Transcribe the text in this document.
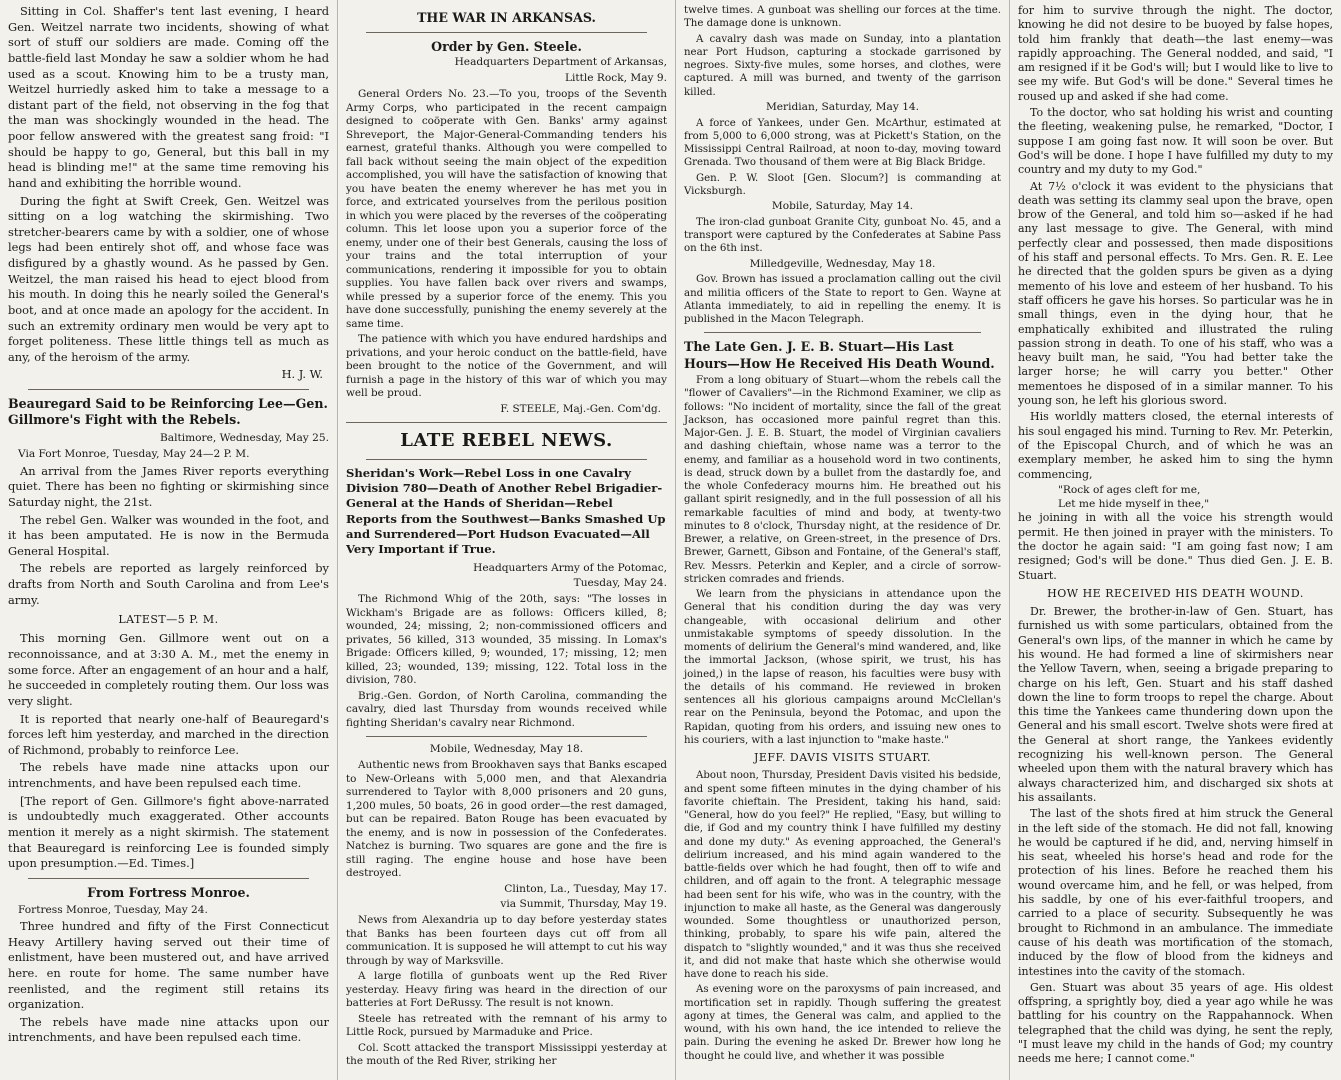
Sitting in Col. Shaffer's tent last evening, I heard Gen. Weitzel narrate two incidents, showing of what sort of stuff our soldiers are made. Coming off the battle-field last Monday he saw a soldier whom he had used as a scout. Knowing him to be a trusty man, Weitzel hurriedly asked him to take a message to a distant part of the field, not observing in the fog that the man was shockingly wounded in the head. The poor fellow answered with the greatest sang froid: "I should be happy to go, General, but this ball in my head is blinding me!" at the same time removing his hand and exhibiting the horrible wound.

During the fight at Swift Creek, Gen. Weitzel was sitting on a log watching the skirmishing. Two stretcher-bearers came by with a soldier, one of whose legs had been entirely shot off, and whose face was disfigured by a ghastly wound. As he passed by Gen. Weitzel, the man raised his head to eject blood from his mouth. In doing this he nearly soiled the General's boot, and at once made an apology for the accident. In such an extremity ordinary men would be very apt to forget politeness. These little things tell as much as any, of the heroism of the army.

H. J. W.

Beauregard Said to be Reinforcing Lee—Gen. Gillmore's Fight with the Rebels.

Baltimore, Wednesday, May 25.

Via Fort Monroe, Tuesday, May 24—2 P. M.

An arrival from the James River reports everything quiet. There has been no fighting or skirmishing since Saturday night, the 21st.

The rebel Gen. Walker was wounded in the foot, and it has been amputated. He is now in the Bermuda General Hospital.

The rebels are reported as largely reinforced by drafts from North and South Carolina and from Lee's army.

LATEST—5 P. M.

This morning Gen. Gillmore went out on a reconnoissance, and at 3:30 A. M., met the enemy in some force. After an engagement of an hour and a half, he succeeded in completely routing them. Our loss was very slight.

It is reported that nearly one-half of Beauregard's forces left him yesterday, and marched in the direction of Richmond, probably to reinforce Lee.

The rebels have made nine attacks upon our intrenchments, and have been repulsed each time.

[The report of Gen. Gillmore's fight above-narrated is undoubtedly much exaggerated. Other accounts mention it merely as a night skirmish. The statement that Beauregard is reinforcing Lee is founded simply upon presumption.—Ed. Times.]

From Fortress Monroe.

Fortress Monroe, Tuesday, May 24.

Three hundred and fifty of the First Connecticut Heavy Artillery having served out their time of enlistment, have been mustered out, and have arrived here. en route for home. The same number have reenlisted, and the regiment still retains its organization.

The rebels have made nine attacks upon our intrenchments, and have been repulsed each time.

THE WAR IN ARKANSAS.
Order by Gen. Steele.

Headquarters Department of Arkansas,

Little Rock, May 9.

General Orders No. 23.—To you, troops of the Seventh Army Corps, who participated in the recent campaign designed to coöperate with Gen. Banks' army against Shreveport, the Major-General-Commanding tenders his earnest, grateful thanks. Although you were compelled to fall back without seeing the main object of the expedition accomplished, you will have the satisfaction of knowing that you have beaten the enemy wherever he has met you in force, and extricated yourselves from the perilous position in which you were placed by the reverses of the coöperating column. This let loose upon you a superior force of the enemy, under one of their best Generals, causing the loss of your trains and the total interruption of your communications, rendering it impossible for you to obtain supplies. You have fallen back over rivers and swamps, while pressed by a superior force of the enemy. This you have done successfully, punishing the enemy severely at the same time.

The patience with which you have endured hardships and privations, and your heroic conduct on the battle-field, have been brought to the notice of the Government, and will furnish a page in the history of this war of which you may well be proud.

F. STEELE, Maj.-Gen. Com'dg.

LATE REBEL NEWS.
Sheridan's Work—Rebel Loss in one Cavalry Division 780—Death of Another Rebel Brigadier-General at the Hands of Sheridan—Rebel Reports from the Southwest—Banks Smashed Up and Surrendered—Port Hudson Evacuated—All Very Important if True.

Headquarters Army of the Potomac,

Tuesday, May 24.

The Richmond Whig of the 20th, says: "The losses in Wickham's Brigade are as follows: Officers killed, 8; wounded, 24; missing, 2; non-commissioned officers and privates, 56 killed, 313 wounded, 35 missing. In Lomax's Brigade: Officers killed, 9; wounded, 17; missing, 12; men killed, 23; wounded, 139; missing, 122. Total loss in the division, 780.

Brig.-Gen. Gordon, of North Carolina, commanding the cavalry, died last Thursday from wounds received while fighting Sheridan's cavalry near Richmond.

Mobile, Wednesday, May 18.

Authentic news from Brookhaven says that Banks escaped to New-Orleans with 5,000 men, and that Alexandria surrendered to Taylor with 8,000 prisoners and 20 guns, 1,200 mules, 50 boats, 26 in good order—the rest damaged, but can be repaired. Baton Rouge has been evacuated by the enemy, and is now in possession of the Confederates. Natchez is burning. Two squares are gone and the fire is still raging. The engine house and hose have been destroyed.

Clinton, La., Tuesday, May 17.

via Summit, Thursday, May 19.

News from Alexandria up to day before yesterday states that Banks has been fourteen days cut off from all communication. It is supposed he will attempt to cut his way through by way of Marksville.

A large flotilla of gunboats went up the Red River yesterday. Heavy firing was heard in the direction of our batteries at Fort DeRussy. The result is not known.

Steele has retreated with the remnant of his army to Little Rock, pursued by Marmaduke and Price.

Col. Scott attacked the transport Mississippi yesterday at the mouth of the Red River, striking her

twelve times. A gunboat was shelling our forces at the time. The damage done is unknown.

A cavalry dash was made on Sunday, into a plantation near Port Hudson, capturing a stockade garrisoned by negroes. Sixty-five mules, some horses, and clothes, were captured. A mill was burned, and twenty of the garrison killed.

Meridian, Saturday, May 14.

A force of Yankees, under Gen. McArthur, estimated at from 5,000 to 6,000 strong, was at Pickett's Station, on the Mississippi Central Railroad, at noon to-day, moving toward Grenada. Two thousand of them were at Big Black Bridge.

Gen. P. W. Sloot [Gen. Slocum?] is commanding at Vicksburgh.

Mobile, Saturday, May 14.

The iron-clad gunboat Granite City, gunboat No. 45, and a transport were captured by the Confederates at Sabine Pass on the 6th inst.

Milledgeville, Wednesday, May 18.

Gov. Brown has issued a proclamation calling out the civil and militia officers of the State to report to Gen. Wayne at Atlanta immediately, to aid in repelling the enemy. It is published in the Macon Telegraph.

The Late Gen. J. E. B. Stuart—His Last Hours—How He Received His Death Wound.

From a long obituary of Stuart—whom the rebels call the "flower of Cavaliers"—in the Richmond Examiner, we clip as follows: "No incident of mortality, since the fall of the great Jackson, has occasioned more painful regret than this. Major-Gen. J. E. B. Stuart, the model of Virginian cavaliers and dashing chieftain, whose name was a terror to the enemy, and familiar as a household word in two continents, is dead, struck down by a bullet from the dastardly foe, and the whole Confederacy mourns him. He breathed out his gallant spirit resignedly, and in the full possession of all his remarkable faculties of mind and body, at twenty-two minutes to 8 o'clock, Thursday night, at the residence of Dr. Brewer, a relative, on Green-street, in the presence of Drs. Brewer, Garnett, Gibson and Fontaine, of the General's staff, Rev. Messrs. Peterkin and Kepler, and a circle of sorrow-stricken comrades and friends.

We learn from the physicians in attendance upon the General that his condition during the day was very changeable, with occasional delirium and other unmistakable symptoms of speedy dissolution. In the moments of delirium the General's mind wandered, and, like the immortal Jackson, (whose spirit, we trust, his has joined,) in the lapse of reason, his faculties were busy with the details of his command. He reviewed in broken sentences all his glorious campaigns around McClellan's rear on the Peninsula, beyond the Potomac, and upon the Rapidan, quoting from his orders, and issuing new ones to his couriers, with a last injunction to "make haste."

JEFF. DAVIS VISITS STUART.

About noon, Thursday, President Davis visited his bedside, and spent some fifteen minutes in the dying chamber of his favorite chieftain. The President, taking his hand, said: "General, how do you feel?" He replied, "Easy, but willing to die, if God and my country think I have fulfilled my destiny and done my duty." As evening approached, the General's delirium increased, and his mind again wandered to the battle-fields over which he had fought, then off to wife and children, and off again to the front. A telegraphic message had been sent for his wife, who was in the country, with the injunction to make all haste, as the General was dangerously wounded. Some thoughtless or unauthorized person, thinking, probably, to spare his wife pain, altered the dispatch to "slightly wounded," and it was thus she received it, and did not make that haste which she otherwise would have done to reach his side.

As evening wore on the paroxysms of pain increased, and mortification set in rapidly. Though suffering the greatest agony at times, the General was calm, and applied to the wound, with his own hand, the ice intended to relieve the pain. During the evening he asked Dr. Brewer how long he thought he could live, and whether it was possible

for him to survive through the night. The doctor, knowing he did not desire to be buoyed by false hopes, told him frankly that death—the last enemy—was rapidly approaching. The General nodded, and said, "I am resigned if it be God's will; but I would like to live to see my wife. But God's will be done." Several times he roused up and asked if she had come.

To the doctor, who sat holding his wrist and counting the fleeting, weakening pulse, he remarked, "Doctor, I suppose I am going fast now. It will soon be over. But God's will be done. I hope I have fulfilled my duty to my country and my duty to my God."

At 7½ o'clock it was evident to the physicians that death was setting its clammy seal upon the brave, open brow of the General, and told him so—asked if he had any last message to give. The General, with mind perfectly clear and possessed, then made dispositions of his staff and personal effects. To Mrs. Gen. R. E. Lee he directed that the golden spurs be given as a dying memento of his love and esteem of her husband. To his staff officers he gave his horses. So particular was he in small things, even in the dying hour, that he emphatically exhibited and illustrated the ruling passion strong in death. To one of his staff, who was a heavy built man, he said, "You had better take the larger horse; he will carry you better." Other mementoes he disposed of in a similar manner. To his young son, he left his glorious sword.

His worldly matters closed, the eternal interests of his soul engaged his mind. Turning to Rev. Mr. Peterkin, of the Episcopal Church, and of which he was an exemplary member, he asked him to sing the hymn commencing,

"Rock of ages cleft for me,

Let me hide myself in thee,"

he joining in with all the voice his strength would permit. He then joined in prayer with the ministers. To the doctor he again said: "I am going fast now; I am resigned; God's will be done." Thus died Gen. J. E. B. Stuart.

HOW HE RECEIVED HIS DEATH WOUND.

Dr. Brewer, the brother-in-law of Gen. Stuart, has furnished us with some particulars, obtained from the General's own lips, of the manner in which he came by his wound. He had formed a line of skirmishers near the Yellow Tavern, when, seeing a brigade preparing to charge on his left, Gen. Stuart and his staff dashed down the line to form troops to repel the charge. About this time the Yankees came thundering down upon the General and his small escort. Twelve shots were fired at the General at short range, the Yankees evidently recognizing his well-known person. The General wheeled upon them with the natural bravery which has always characterized him, and discharged six shots at his assailants.

The last of the shots fired at him struck the General in the left side of the stomach. He did not fall, knowing he would be captured if he did, and, nerving himself in his seat, wheeled his horse's head and rode for the protection of his lines. Before he reached them his wound overcame him, and he fell, or was helped, from his saddle, by one of his ever-faithful troopers, and carried to a place of security. Subsequently he was brought to Richmond in an ambulance. The immediate cause of his death was mortification of the stomach, induced by the flow of blood from the kidneys and intestines into the cavity of the stomach.

Gen. Stuart was about 35 years of age. His oldest offspring, a sprightly boy, died a year ago while he was battling for his country on the Rappahannock. When telegraphed that the child was dying, he sent the reply, "I must leave my child in the hands of God; my country needs me here; I cannot come."
